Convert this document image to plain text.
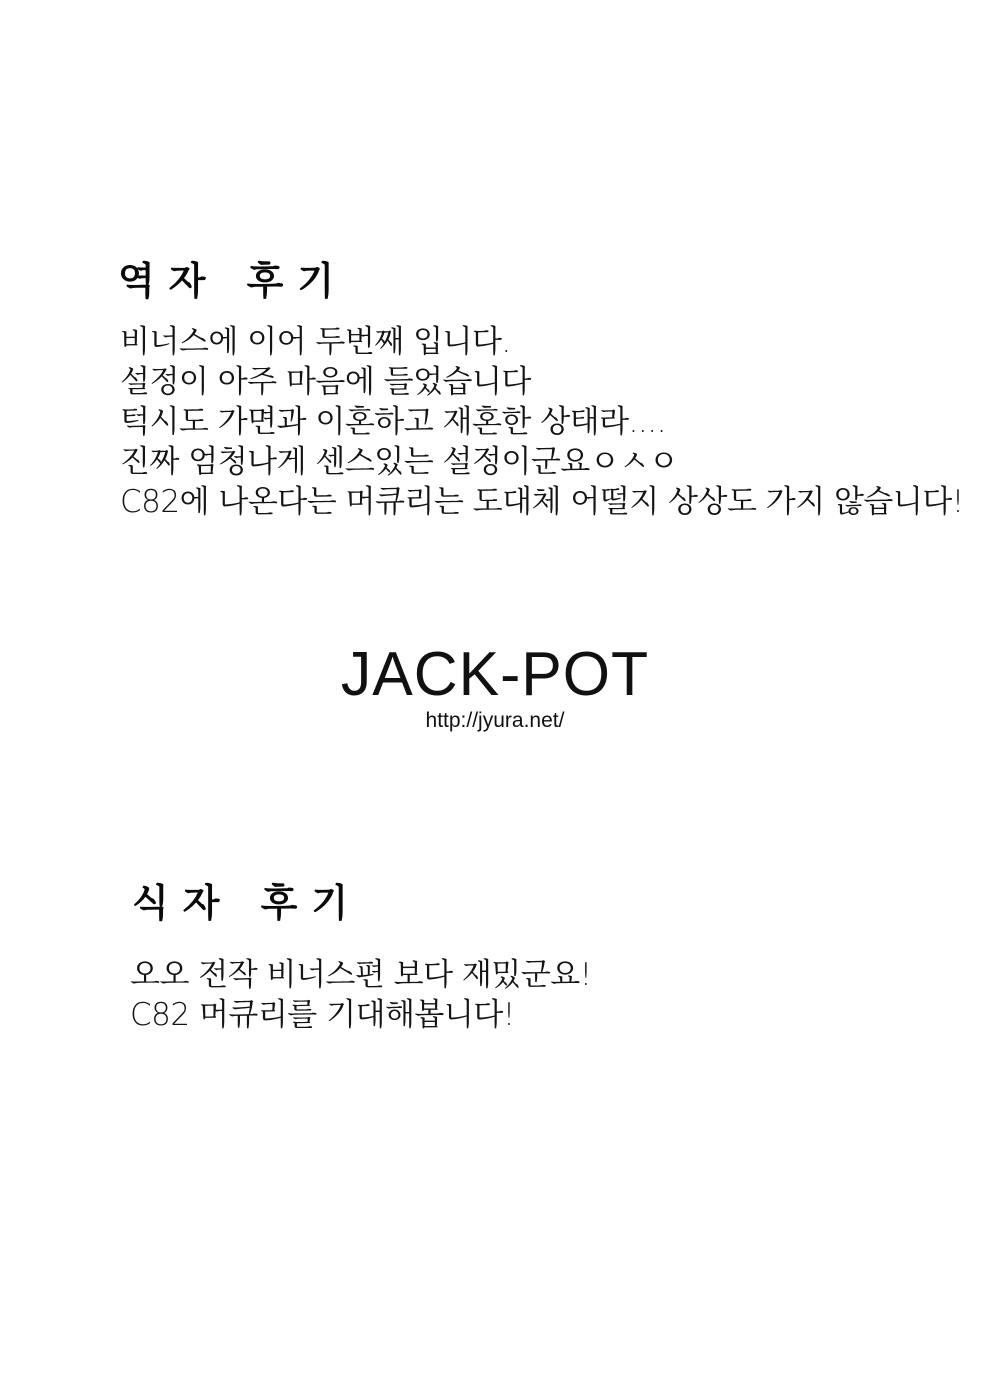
역자 후기
비너스에 이어 두번째 입니다.
설정이 아주 마음에 들었습니다
턱시도 가면과 이혼하고 재혼한 상태라....
진짜 엄청나게 센스있는 설정이군요ㅇㅅㅇ
C82에 나온다는 머큐리는 도대체 어떨지 상상도 가지 않습니다!
JACK-POT
http://jyura.net/
식자 후기
오오 전작 비너스편 보다 재밌군요!
C82 머큐리를 기대해봅니다!
